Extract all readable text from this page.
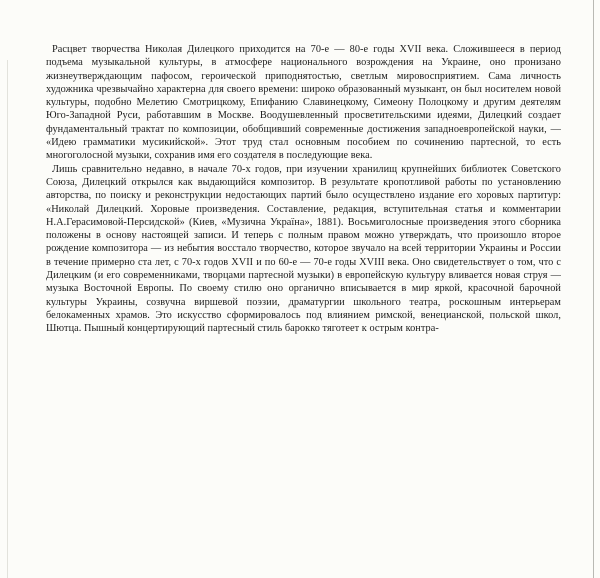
Расцвет творчества Николая Дилецкого приходится на 70-е — 80-е годы XVII века. Сложившееся в период подъема музыкальной культуры, в атмосфере национального возрождения на Украине, оно пронизано жизнеутверждающим пафосом, героической приподнятостью, светлым мировосприятием. Сама личность художника чрезвычайно характерна для своего времени: широко образованный музыкант, он был носителем новой культуры, подобно Мелетию Смотрицкому, Епифанию Славинецкому, Симеону Полоцкому и другим деятелям Юго-Западной Руси, работавшим в Москве. Воодушевленный просветительскими идеями, Дилецкий создает фундаментальный трактат по композиции, обобщивший современные достижения западноевропейской науки, — «Идею грамматики мусикийской». Этот труд стал основным пособием по сочинению партесной, то есть многоголосной музыки, сохранив имя его создателя в последующие века.

Лишь сравнительно недавно, в начале 70-х годов, при изучении хранилищ крупнейших библиотек Советского Союза, Дилецкий открылся как выдающийся композитор. В результате кропотливой работы по установлению авторства, по поиску и реконструкции недостающих партий было осуществлено издание его хоровых партитур: «Николай Дилецкий. Хоровые произведения. Составление, редакция, вступительная статья и комментарии Н.А.Герасимовой-Персидской» (Киев, «Музична Україна», 1881). Восьмиголосные произведения этого сборника положены в основу настоящей записи. И теперь с полным правом можно утверждать, что произошло второе рождение композитора — из небытия восстало творчество, которое звучало на всей территории Украины и России в течение примерно ста лет, с 70-х годов XVII и по 60-е — 70-е годы XVIII века. Оно свидетельствует о том, что с Дилецким (и его современниками, творцами партесной музыки) в европейскую культуру вливается новая струя — музыка Восточной Европы. По своему стилю оно органично вписывается в мир яркой, красочной барочной культуры Украины, созвучна виршевой поэзии, драматургии школьного театра, роскошным интерьерам белокаменных храмов. Это искусство сформировалось под влиянием римской, венецианской, польской школ, Шютца. Пышный концертирующий партесный стиль барокко тяготеет к острым контра-
